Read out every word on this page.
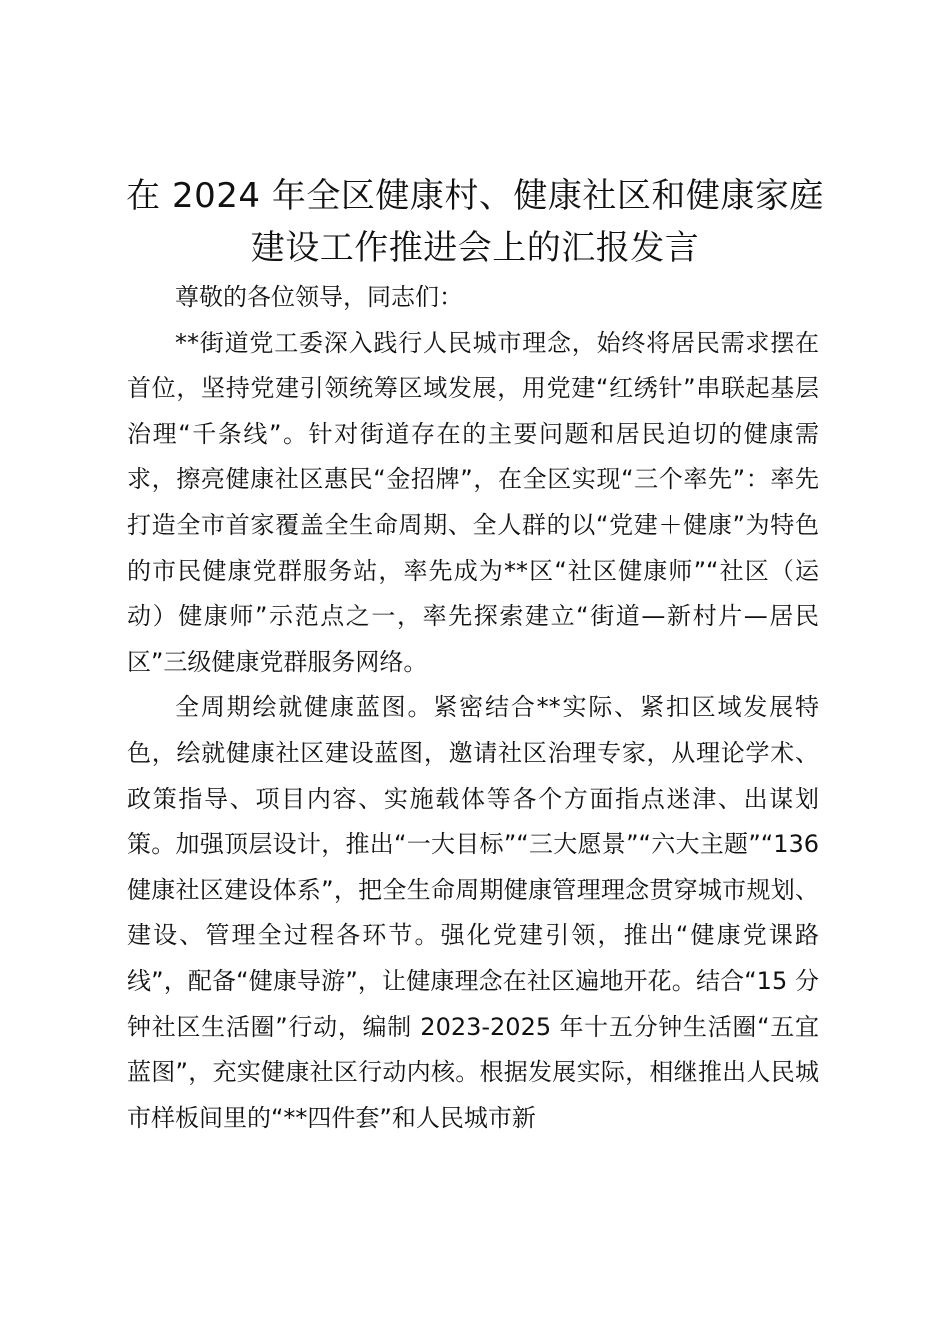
在 2024 年全区健康村、健康社区和健康家庭
建设工作推进会上的汇报发言

尊敬的各位领导，同志们：

**街道党工委深入践行人民城市理念，始终将居民需求摆在首位，坚持党建引领统筹区域发展，用党建“红绣针”串联起基层治理“千条线”。针对街道存在的主要问题和居民迫切的健康需求，擦亮健康社区惠民“金招牌”，在全区实现“三个率先”：率先打造全市首家覆盖全生命周期、全人群的以“党建＋健康”为特色的市民健康党群服务站，率先成为**区“社区健康师”“社区（运动）健康师”示范点之一，率先探索建立“街道—新村片—居民区”三级健康党群服务网络。

全周期绘就健康蓝图。紧密结合**实际、紧扣区域发展特色，绘就健康社区建设蓝图，邀请社区治理专家，从理论学术、政策指导、项目内容、实施载体等各个方面指点迷津、出谋划策。加强顶层设计，推出“一大目标”“三大愿景”“六大主题”“136 健康社区建设体系”，把全生命周期健康管理理念贯穿城市规划、建设、管理全过程各环节。强化党建引领，推出“健康党课路线”，配备“健康导游”，让健康理念在社区遍地开花。结合“15 分钟社区生活圈”行动，编制 2023-2025 年十五分钟生活圈“五宜蓝图”，充实健康社区行动内核。根据发展实际，相继推出人民城市样板间里的“**四件套”和人民城市新
